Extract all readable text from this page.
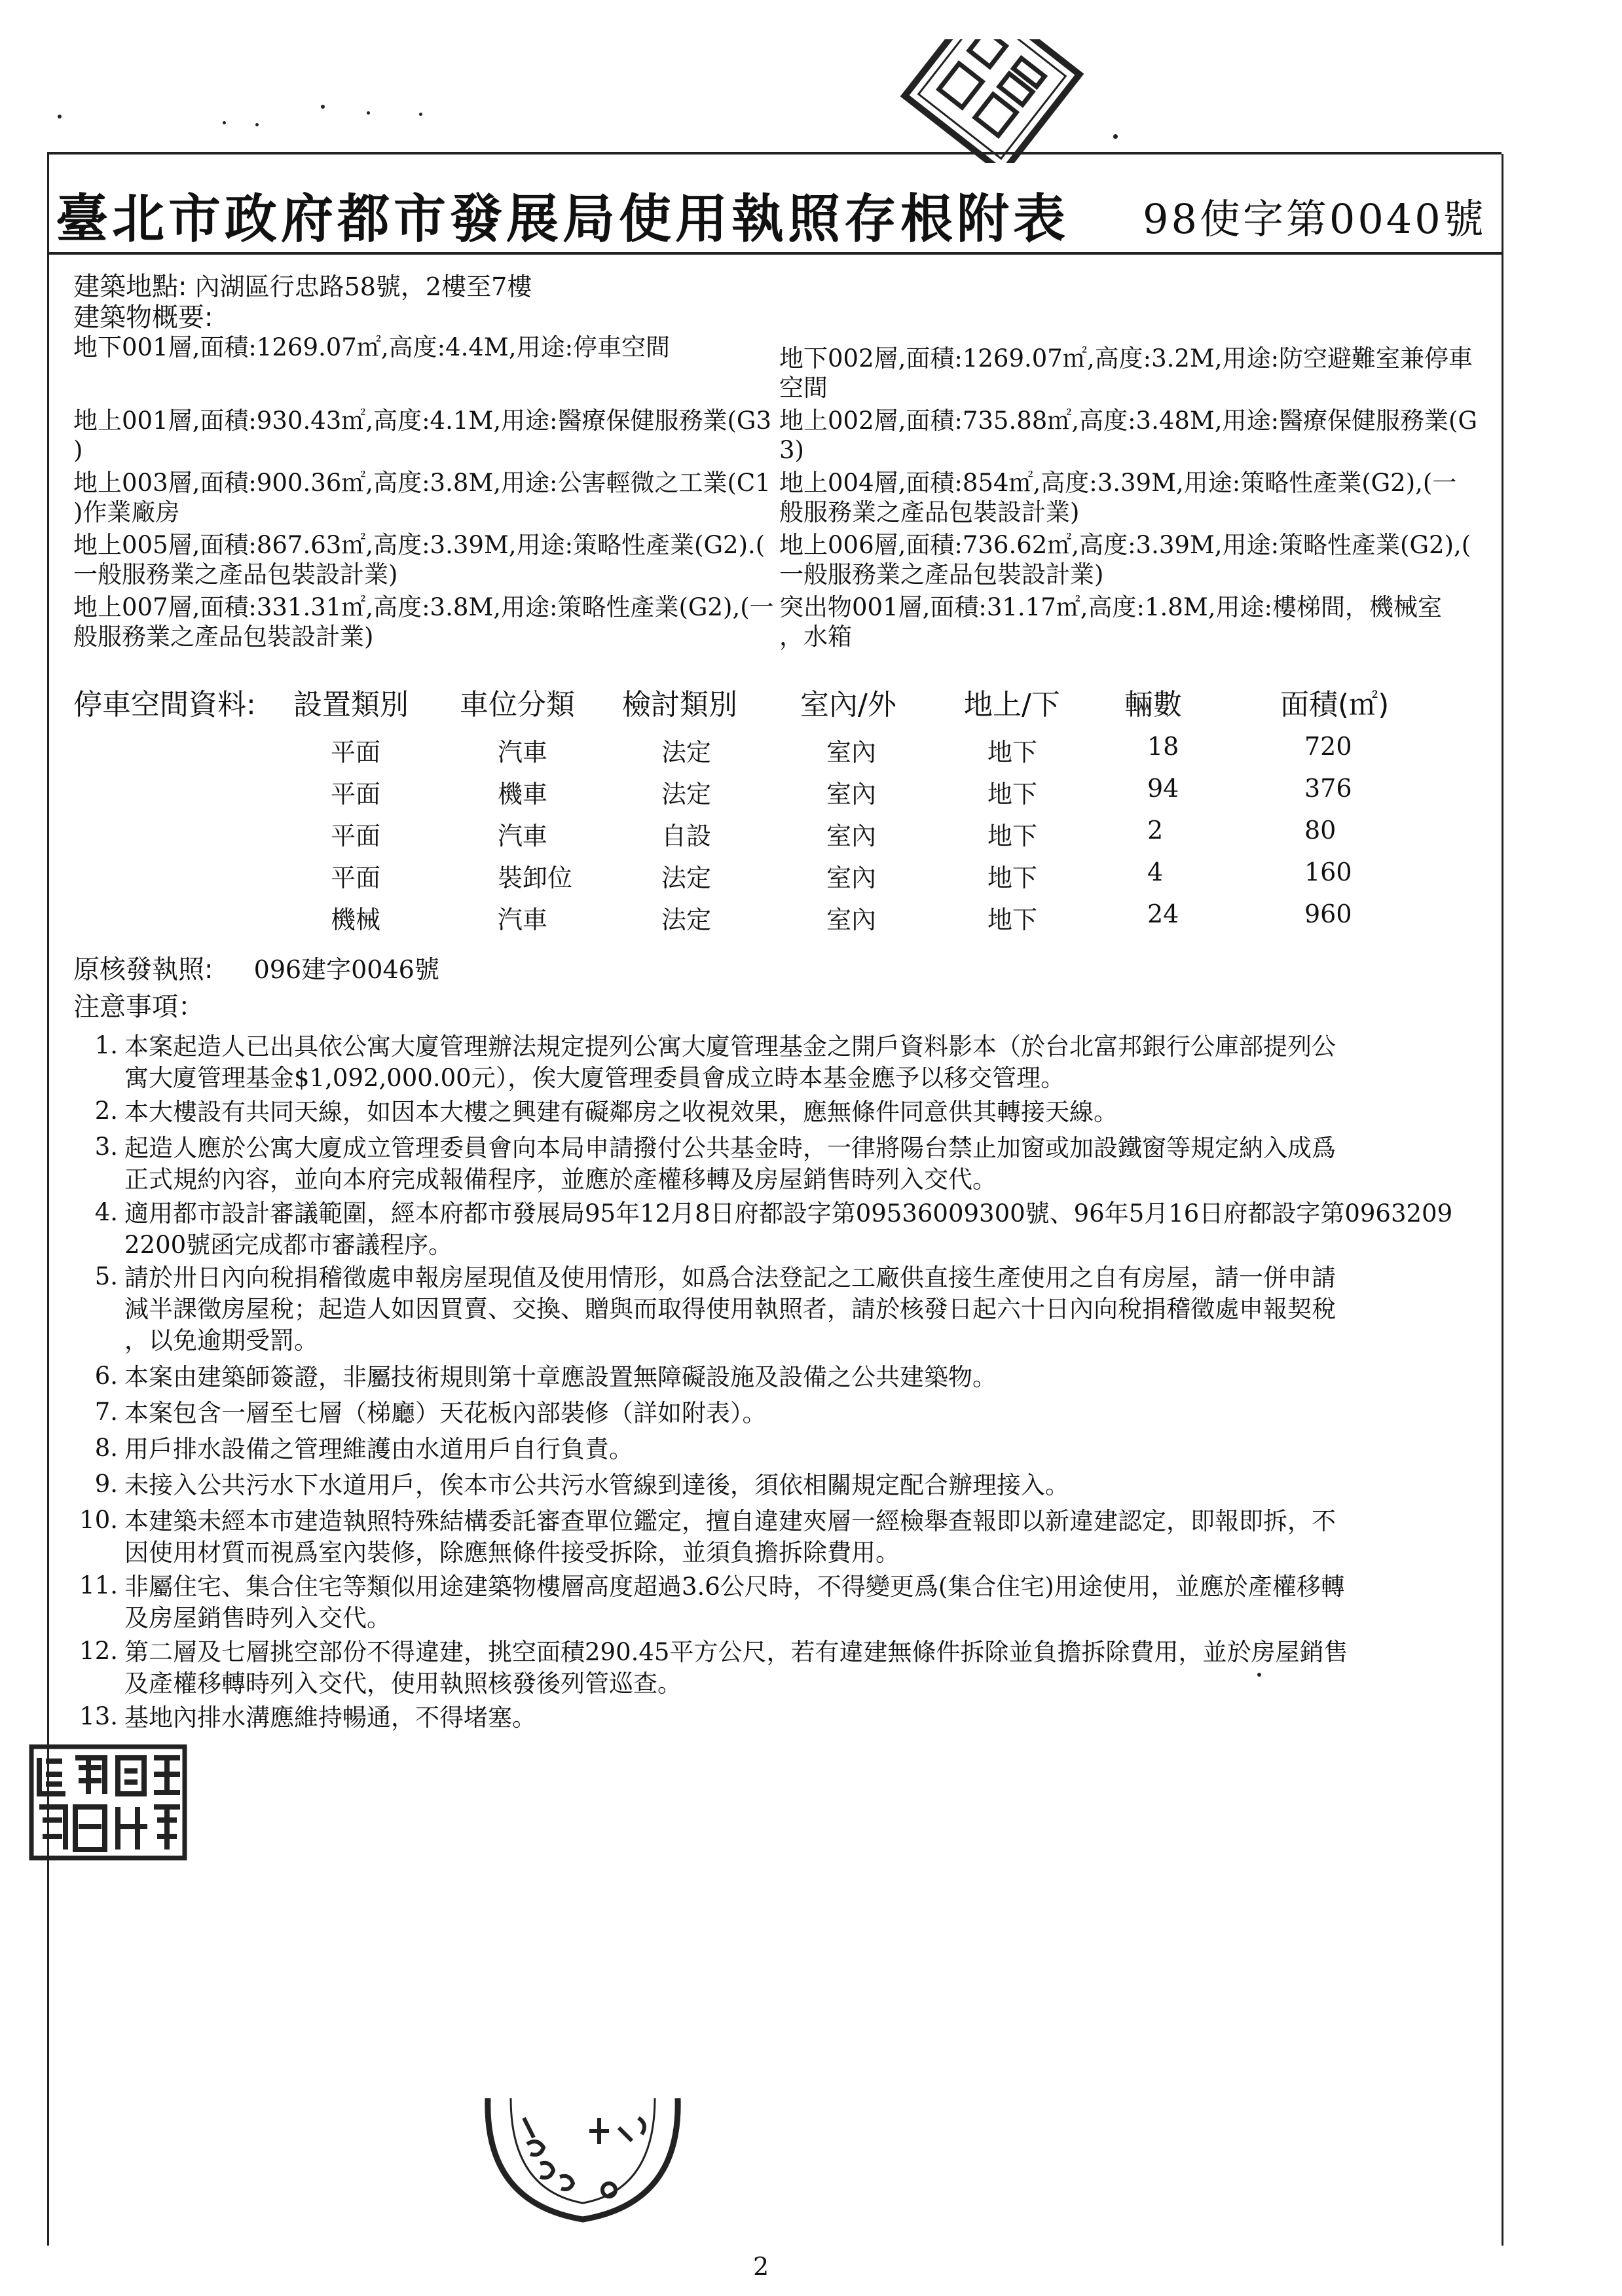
臺北市政府都市發展局使用執照存根附表 98使字第0040號
建築地點: 內湖區行忠路58號，2樓至7樓
建築物概要:
地下001層,面積:1269.07㎡,高度:4.4M,用途:停車空間
地上001層,面積:930.43㎡,高度:4.1M,用途:醫療保健服務業(G3
)
地上003層,面積:900.36㎡,高度:3.8M,用途:公害輕微之工業(C1
)作業廠房
地上005層,面積:867.63㎡,高度:3.39M,用途:策略性產業(G2).(
一般服務業之產品包裝設計業)
地上007層,面積:331.31㎡,高度:3.8M,用途:策略性產業(G2),(一
般服務業之產品包裝設計業)
地下002層,面積:1269.07㎡,高度:3.2M,用途:防空避難室兼停車
空間
地上002層,面積:735.88㎡,高度:3.48M,用途:醫療保健服務業(G
3)
地上004層,面積:854㎡,高度:3.39M,用途:策略性產業(G2),(一
般服務業之產品包裝設計業)
地上006層,面積:736.62㎡,高度:3.39M,用途:策略性產業(G2),(
一般服務業之產品包裝設計業)
突出物001層,面積:31.17㎡,高度:1.8M,用途:樓梯間，機械室
，水箱
停車空間資料: 設置類別 車位分類 檢討類別 室內/外 地上/下 輛數	面積(㎡)
平面	汽車	法定	室內	地下	18	720
平面	機車	法定	室內	地下	94	376
平面	汽車	自設	室內	地下	2	80
平面	裝卸位	法定	室內	地下	4	160
機械	汽車	法定	室內	地下	24	960
原核發執照: 096建字0046號
注意事項：
1. 本案起造人已出具依公寓大廈管理辦法規定提列公寓大廈管理基金之開戶資料影本（於台北富邦銀行公庫部提列公
寓大廈管理基金$1,092,000.00元），俟大廈管理委員會成立時本基金應予以移交管理。
2. 本大樓設有共同天線，如因本大樓之興建有礙鄰房之收視效果，應無條件同意供其轉接天線。
3. 起造人應於公寓大廈成立管理委員會向本局申請撥付公共基金時，一律將陽台禁止加窗或加設鐵窗等規定納入成爲
正式規約內容，並向本府完成報備程序，並應於產權移轉及房屋銷售時列入交代。
4. 適用都市設計審議範圍，經本府都市發展局95年12月8日府都設字第09536009300號、96年5月16日府都設字第0963209
2200號函完成都市審議程序。
5. 請於卅日內向稅捐稽徵處申報房屋現值及使用情形，如爲合法登記之工廠供直接生產使用之自有房屋，請一併申請
減半課徵房屋稅；起造人如因買賣、交換、贈與而取得使用執照者，請於核發日起六十日內向稅捐稽徵處申報契稅
，以免逾期受罰。
6. 本案由建築師簽證，非屬技術規則第十章應設置無障礙設施及設備之公共建築物。
7. 本案包含一層至七層（梯廳）天花板內部裝修（詳如附表）。
8. 用戶排水設備之管理維護由水道用戶自行負責。
9. 未接入公共污水下水道用戶，俟本市公共污水管線到達後，須依相關規定配合辦理接入。
10. 本建築未經本市建造執照特殊結構委託審查單位鑑定，擅自違建夾層一經檢舉查報即以新違建認定，即報即拆，不
因使用材質而視爲室內裝修，除應無條件接受拆除，並須負擔拆除費用。
11. 非屬住宅、集合住宅等類似用途建築物樓層高度超過3.6公尺時，不得變更爲(集合住宅)用途使用，並應於產權移轉
及房屋銷售時列入交代。
12. 第二層及七層挑空部份不得違建，挑空面積290.45平方公尺，若有違建無條件拆除並負擔拆除費用，並於房屋銷售
及產權移轉時列入交代，使用執照核發後列管巡查。
13. 基地內排水溝應維持暢通，不得堵塞。
2
